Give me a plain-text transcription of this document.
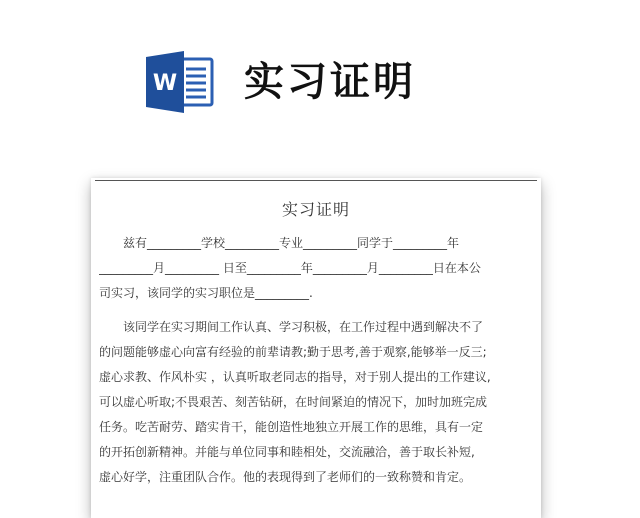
W 实习证明
实习证明
　　兹有_________学校_________专业_________同学于_________年
_________月_________ 日至_________年_________月_________日在本公
司实习，该同学的实习职位是_________.
　　该同学在实习期间工作认真、学习积极，在工作过程中遇到解决不了
的问题能够虚心向富有经验的前辈请教;勤于思考,善于观察,能够举一反三;
虚心求教、作风朴实 ，认真听取老同志的指导，对于别人提出的工作建议,
可以虚心听取;不畏艰苦、刻苦钻研，在时间紧迫的情况下，加时加班完成
任务。吃苦耐劳、踏实肯干，能创造性地独立开展工作的思维，具有一定
的开拓创新精神。并能与单位同事和睦相处，交流融洽，善于取长补短,
虚心好学，注重团队合作。他的表现得到了老师们的一致称赞和肯定。
